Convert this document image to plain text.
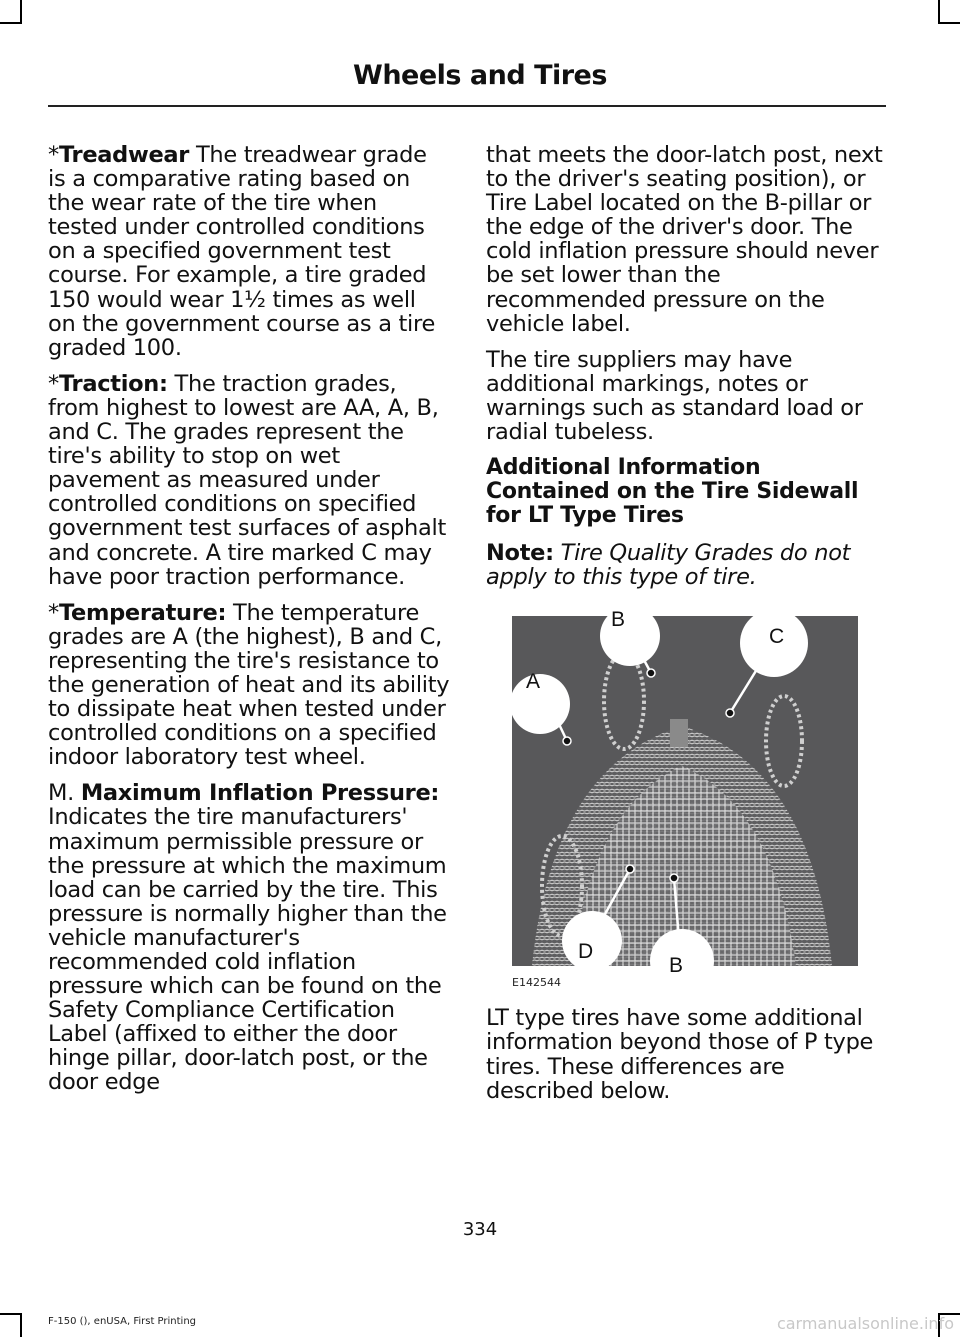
Wheels and Tires

*Treadwear The treadwear grade is a comparative rating based on the wear rate of the tire when tested under controlled conditions on a specified government test course. For example, a tire graded 150 would wear 1½ times as well on the government course as a tire graded 100.

*Traction: The traction grades, from highest to lowest are AA, A, B, and C. The grades represent the tire's ability to stop on wet pavement as measured under controlled conditions on specified government test surfaces of asphalt and concrete. A tire marked C may have poor traction performance.

*Temperature: The temperature grades are A (the highest), B and C, representing the tire's resistance to the generation of heat and its ability to dissipate heat when tested under controlled conditions on a specified indoor laboratory test wheel.

M. Maximum Inflation Pressure: Indicates the tire manufacturers' maximum permissible pressure or the pressure at which the maximum load can be carried by the tire. This pressure is normally higher than the vehicle manufacturer's recommended cold inflation pressure which can be found on the Safety Compliance Certification Label (affixed to either the door hinge pillar, door-latch post, or the door edge

that meets the door-latch post, next to the driver's seating position), or Tire Label located on the B-pillar or the edge of the driver's door. The cold inflation pressure should never be set lower than the recommended pressure on the vehicle label.

The tire suppliers may have additional markings, notes or warnings such as standard load or radial tubeless.

Additional Information Contained on the Tire Sidewall for LT Type Tires

Note: Tire Quality Grades do not apply to this type of tire.

A
B
C
D
B
E142544

LT type tires have some additional information beyond those of P type tires. These differences are described below.

334
F-150 (), enUSA, First Printing	carmanualsonline.info
